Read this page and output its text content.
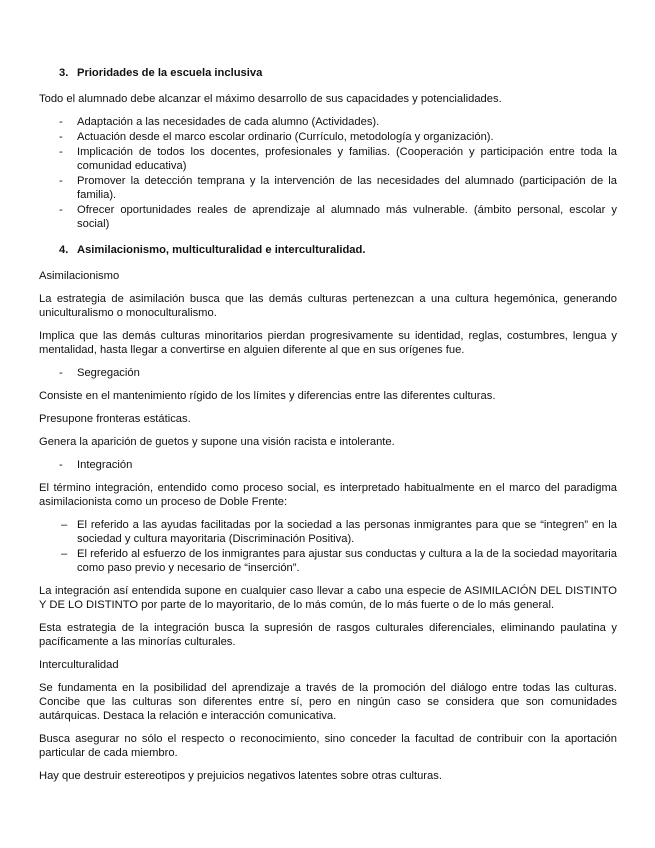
3. Prioridades de la escuela inclusiva

Todo el alumnado debe alcanzar el máximo desarrollo de sus capacidades y potencialidades.

- Adaptación a las necesidades de cada alumno (Actividades).
- Actuación desde el marco escolar ordinario (Currículo, metodología y organización).
- Implicación de todos los docentes, profesionales y familias. (Cooperación y participación entre toda la comunidad educativa)
- Promover la detección temprana y la intervención de las necesidades del alumnado (participación de la familia).
- Ofrecer oportunidades reales de aprendizaje al alumnado más vulnerable. (ámbito personal, escolar y social)
4. Asimilacionismo, multiculturalidad e interculturalidad.

Asimilacionismo

La estrategia de asimilación busca que las demás culturas pertenezcan a una cultura hegemónica, generando uniculturalismo o monoculturalismo.

Implica que las demás culturas minoritarios pierdan progresivamente su identidad, reglas, costumbres, lengua y mentalidad, hasta llegar a convertirse en alguien diferente al que en sus orígenes fue.

- Segregación

Consiste en el mantenimiento rígido de los límites y diferencias entre las diferentes culturas.

Presupone fronteras estáticas.

Genera la aparición de guetos y supone una visión racista e intolerante.

- Integración

El término integración, entendido como proceso social, es interpretado habitualmente en el marco del paradigma asimilacionista como un proceso de Doble Frente:

– El referido a las ayudas facilitadas por la sociedad a las personas inmigrantes para que se “integren” en la sociedad y cultura mayoritaria (Discriminación Positiva).
– El referido al esfuerzo de los inmigrantes para ajustar sus conductas y cultura a la de la sociedad mayoritaria como paso previo y necesario de “inserción”.

La integración así entendida supone en cualquier caso llevar a cabo una especie de ASIMILACIÓN DEL DISTINTO Y DE LO DISTINTO por parte de lo mayoritario, de lo más común, de lo más fuerte o de lo más general.

Esta estrategia de la integración busca la supresión de rasgos culturales diferenciales, eliminando paulatina y pacíficamente a las minorías culturales.

Interculturalidad

Se fundamenta en la posibilidad del aprendizaje a través de la promoción del diálogo entre todas las culturas. Concibe que las culturas son diferentes entre sí, pero en ningún caso se considera que son comunidades autárquicas. Destaca la relación e interacción comunicativa.

Busca asegurar no sólo el respecto o reconocimiento, sino conceder la facultad de contribuir con la aportación particular de cada miembro.

Hay que destruir estereotipos y prejuicios negativos latentes sobre otras culturas.
